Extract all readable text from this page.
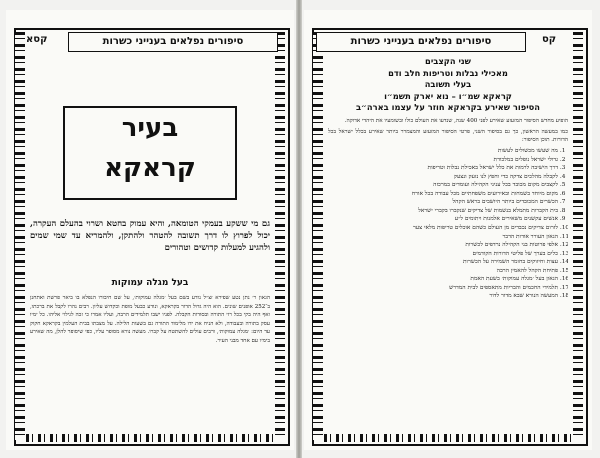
סיפורים נפלאים בענייני כשרות
קסא
בעיר
קראקא
גם מי ששקע בעמקי הטומאה, והיא עמוק בחטא ושרוי בהעלם העקרה, יכול לפרוץ לו דרך תשובה להטהר ולהתקן, ולהמריא עד שמי שמים ולהגיע למעלות קדושים וטהורים
בעל מגלה עמוקות
הגאון ר׳ נתן נטע שפירא זצ״ל נודע בשם בעל ׳מגלה עמוקות׳, על שם חיבורו הנפלא בו ביאר פרשת ואתחנן ב־252 אופנים שונים. הוא היה גדול הדור בקראקא, ונודע כבעל מופת וכקדוש עליון. רבים נהרו לקבל את ברכתו, ואף היה בקי בכל רזי התורה ובסודות הקבלה. לפניו ישבו תלמידים הרבה, ועליו אמרו כי זכה לגילוי אליהו. כל ימיו עסק בתורה ובעבודה, ולא הניח את ידו מלימוד התורה גם בשעות הלילה. על מצבתו בבית העלמין בקראקא חקוק עד היום: ׳מגלה עמוקות׳, ורבים עולים להשתטח על קברו. מעשה נורא מסופר עליו, כפי שיסופר להלן, מה שאירע בימיו עם אחד מבני העיר.
סיפורים נפלאים בענייני כשרות	קס
שני הקצבים
מאכילי נבלות וטריפות חלב ודם
בעלי תשובה
קראקא שמ״ו – נוא יארק תשמ״ו
הסיפור שאירע בקראקא חוזר על עצמו בארה״ב
הופיע מחדש הסיפור המזעזע שאירע לפני 400 שנה, שנדעו את העולם כולו ובשומעיו את היהדי אדוקה.
כמו במעשה הראשון, כך גם בסיפור השני, פרטי הסיפור המזעזע והמצמרר ביותר שאירע בכלל ישראל בכל הדורות. תוכן הסיפור:
1. מה שעשו מכשולים לעשות
2. גדולי ישראל נופלים במלכודת
3. דרך הישיבה לרמות את כלל ישראל באכילת נבלות וטריפות
4. לקבלה מהלכים צדקה כדי וחפץ לנו נזעק ונצעק
5. לקצבים מקום מכובד בכל עניני הקהילה ועומדים במרכזה
6. מקום מיוחד בשמחות ובאירועים משפחתיים מכל עבודה בכל אורח
7. הכשרים המכובדים ביותר היושבים בראש הקהל
8. בית הקברות מתמלא בנשמות של צדיקים שנקברו בקברי ישראל
9. אנשים עקשנים משאירים אלמנות ויתומים ל״ע
10. לזרום צדיקים נכבדים מן העולם כשהם אוכלים טריפות מלאי צער
11. הגאון העורר אודות הדבר
12. אלפי פרוטות בני הקהילה נרדפים לכשרות
13. כלים בערך של פליטי הדורות הקודמים
14. עצות וחיזוקים בחומר השמירה על הכשרות
15. פתיחת הקהל להאמין הרבה
16. הגאון בעל ׳מגלה עמוקות׳ בשעת האמת
17. תלמידי החכמים והבריות מתאספים לבית המדרש
18. המעשה הנורא שבא מדור לדור
